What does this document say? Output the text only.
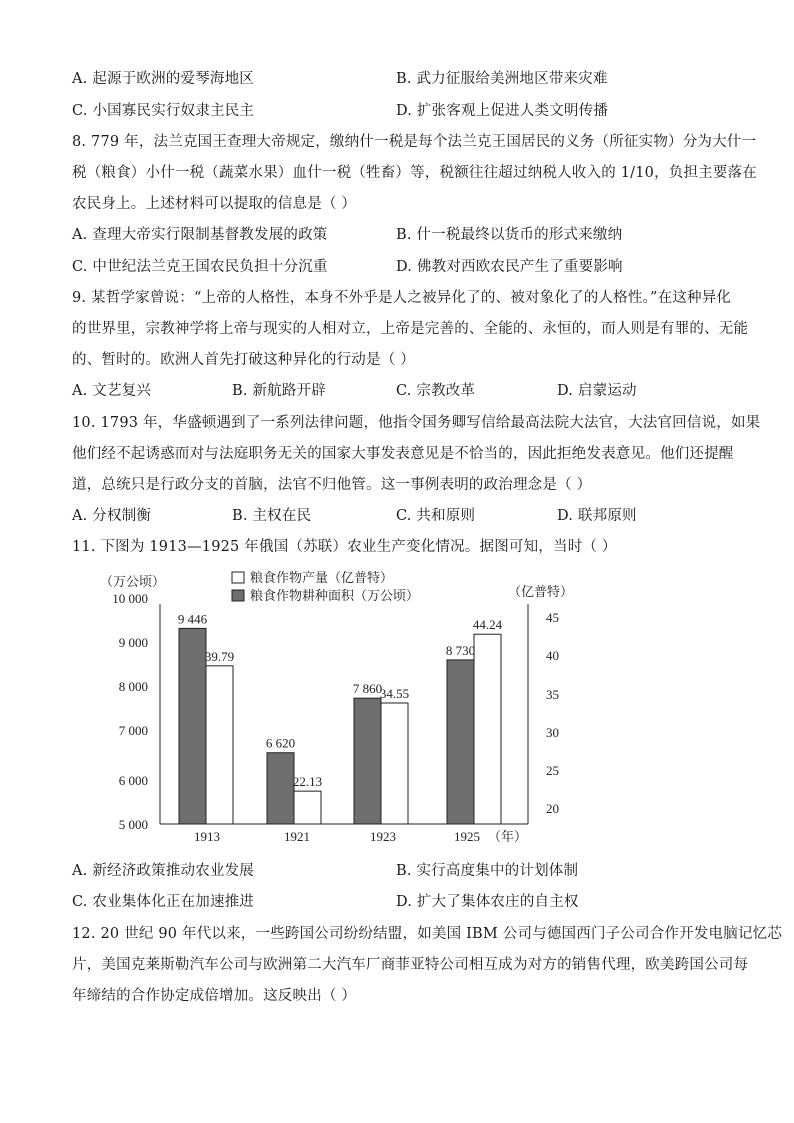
A. 起源于欧洲的爱琴海地区	B. 武力征服给美洲地区带来灾难
C. 小国寡民实行奴隶主民主	D. 扩张客观上促进人类文明传播
8. 779 年，法兰克国王查理大帝规定，缴纳什一税是每个法兰克王国居民的义务（所征实物）分为大什一
税（粮食）小什一税（蔬菜水果）血什一税（牲畜）等，税额往往超过纳税人收入的 1/10，负担主要落在
农民身上。上述材料可以提取的信息是（ ）
A. 查理大帝实行限制基督教发展的政策	B. 什一税最终以货币的形式来缴纳
C. 中世纪法兰克王国农民负担十分沉重	D. 佛教对西欧农民产生了重要影响
9. 某哲学家曾说：“上帝的人格性，本身不外乎是人之被异化了的、被对象化了的人格性。”在这种异化
的世界里，宗教神学将上帝与现实的人相对立，上帝是完善的、全能的、永恒的，而人则是有罪的、无能
的、暂时的。欧洲人首先打破这种异化的行动是（ ）
A. 文艺复兴	B. 新航路开辟	C. 宗教改革	D. 启蒙运动
10. 1793 年，华盛顿遇到了一系列法律问题，他指令国务卿写信给最高法院大法官，大法官回信说，如果
他们经不起诱惑而对与法庭职务无关的国家大事发表意见是不恰当的，因此拒绝发表意见。他们还提醒
道，总统只是行政分支的首脑，法官不归他管。这一事例表明的政治理念是（ ）
A. 分权制衡	B. 主权在民	C. 共和原则	D. 联邦原则
11. 下图为 1913—1925 年俄国（苏联）农业生产变化情况。据图可知，当时（ ）
（万公顷）
（亿普特）
粮食作物产量（亿普特）
粮食作物耕种面积（万公顷）
10 000
9 000
8 000
7 000
6 000
5 000
45
40
35
30
25
20
9 446
6 620
7 860
8 730
39.79
22.13
34.55
44.24
1913	1921	1923	1925 （年）
A. 新经济政策推动农业发展	B. 实行高度集中的计划体制
C. 农业集体化正在加速推进	D. 扩大了集体农庄的自主权
12. 20 世纪 90 年代以来，一些跨国公司纷纷结盟，如美国 IBM 公司与德国西门子公司合作开发电脑记忆芯
片，美国克莱斯勒汽车公司与欧洲第二大汽车厂商菲亚特公司相互成为对方的销售代理，欧美跨国公司每
年缔结的合作协定成倍增加。这反映出（ ）
